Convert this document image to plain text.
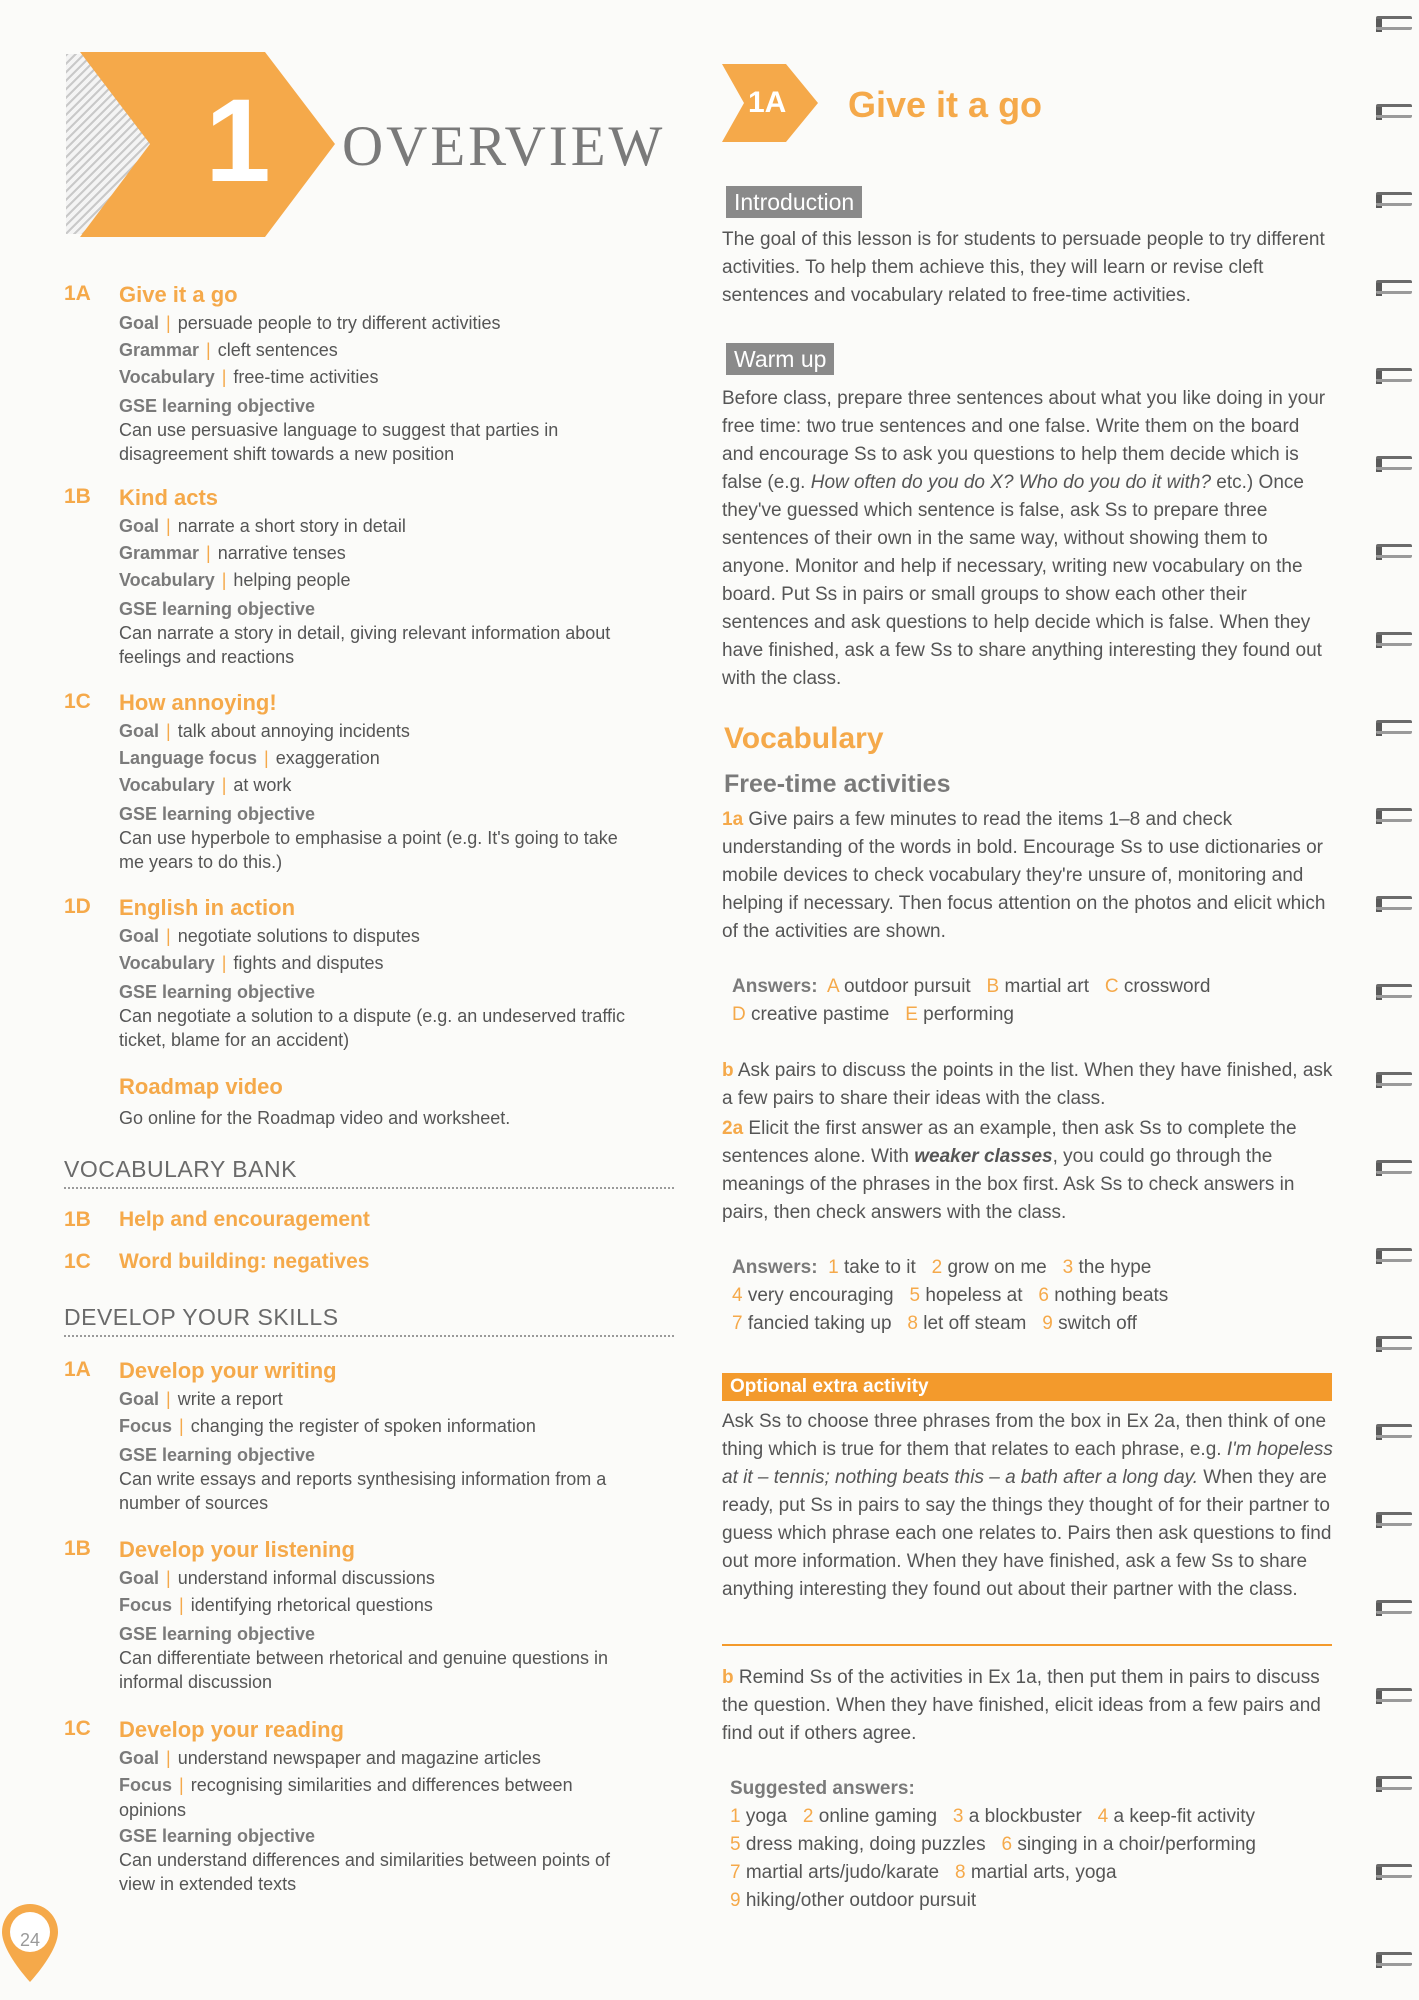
1 OVERVIEW
1A Give it a go
Goal | persuade people to try different activities
Grammar | cleft sentences
Vocabulary | free-time activities
GSE learning objective
Can use persuasive language to suggest that parties in
disagreement shift towards a new position
1B Kind acts
Goal | narrate a short story in detail
Grammar | narrative tenses
Vocabulary | helping people
GSE learning objective
Can narrate a story in detail, giving relevant information about
feelings and reactions
1C How annoying!
Goal | talk about annoying incidents
Language focus | exaggeration
Vocabulary | at work
GSE learning objective
Can use hyperbole to emphasise a point (e.g. It's going to take
me years to do this.)
1D English in action
Goal | negotiate solutions to disputes
Vocabulary | fights and disputes
GSE learning objective
Can negotiate a solution to a dispute (e.g. an undeserved traffic
ticket, blame for an accident)
Roadmap video
Go online for the Roadmap video and worksheet.
VOCABULARY BANK
1B Help and encouragement
1C Word building: negatives
DEVELOP YOUR SKILLS
1A Develop your writing
Goal | write a report
Focus | changing the register of spoken information
GSE learning objective
Can write essays and reports synthesising information from a
number of sources
1B Develop your listening
Goal | understand informal discussions
Focus | identifying rhetorical questions
GSE learning objective
Can differentiate between rhetorical and genuine questions in
informal discussion
1C Develop your reading
Goal | understand newspaper and magazine articles
Focus | recognising similarities and differences between
opinions
GSE learning objective
Can understand differences and similarities between points of
view in extended texts
24
1A Give it a go
Introduction
The goal of this lesson is for students to persuade people to try different activities. To help them achieve this, they will learn or revise cleft sentences and vocabulary related to free-time activities.
Warm up
Before class, prepare three sentences about what you like doing in your free time: two true sentences and one false. Write them on the board and encourage Ss to ask you questions to help them decide which is false (e.g. How often do you do X? Who do you do it with? etc.) Once they've guessed which sentence is false, ask Ss to prepare three sentences of their own in the same way, without showing them to anyone. Monitor and help if necessary, writing new vocabulary on the board. Put Ss in pairs or small groups to show each other their sentences and ask questions to help decide which is false. When they have finished, ask a few Ss to share anything interesting they found out with the class.
Vocabulary
Free-time activities
1a Give pairs a few minutes to read the items 1–8 and check understanding of the words in bold. Encourage Ss to use dictionaries or mobile devices to check vocabulary they're unsure of, monitoring and helping if necessary. Then focus attention on the photos and elicit which of the activities are shown.
Answers: A outdoor pursuit B martial art C crossword
D creative pastime E performing
b Ask pairs to discuss the points in the list. When they have finished, ask a few pairs to share their ideas with the class.
2a Elicit the first answer as an example, then ask Ss to complete the sentences alone. With weaker classes, you could go through the meanings of the phrases in the box first. Ask Ss to check answers in pairs, then check answers with the class.
Answers: 1 take to it 2 grow on me 3 the hype
4 very encouraging 5 hopeless at 6 nothing beats
7 fancied taking up 8 let off steam 9 switch off
Optional extra activity
Ask Ss to choose three phrases from the box in Ex 2a, then think of one thing which is true for them that relates to each phrase, e.g. I'm hopeless at it – tennis; nothing beats this – a bath after a long day. When they are ready, put Ss in pairs to say the things they thought of for their partner to guess which phrase each one relates to. Pairs then ask questions to find out more information. When they have finished, ask a few Ss to share anything interesting they found out about their partner with the class.
b Remind Ss of the activities in Ex 1a, then put them in pairs to discuss the question. When they have finished, elicit ideas from a few pairs and find out if others agree.
Suggested answers:
1 yoga 2 online gaming 3 a blockbuster 4 a keep-fit activity
5 dress making, doing puzzles 6 singing in a choir/performing
7 martial arts/judo/karate 8 martial arts, yoga
9 hiking/other outdoor pursuit
